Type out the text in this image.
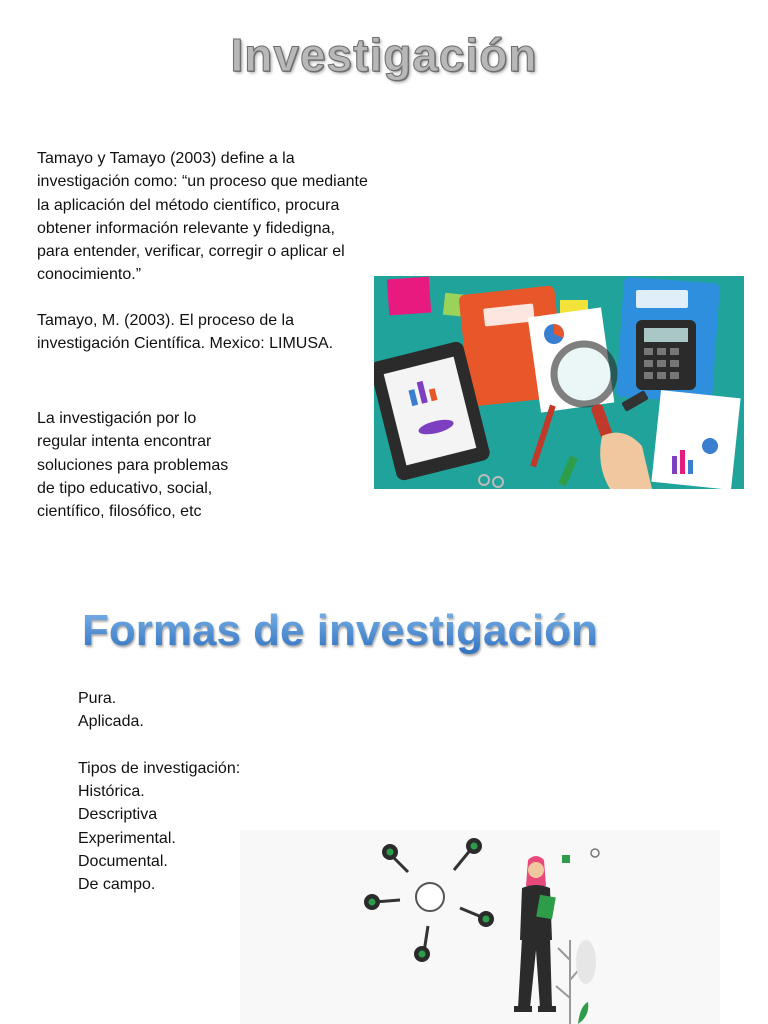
Investigación

Tamayo y Tamayo (2003) define a la
investigación como: “un proceso que mediante
la aplicación del método científico, procura
obtener información relevante y fidedigna,
para entender, verificar, corregir o aplicar el
conocimiento.”

Tamayo, M. (2003). El proceso de la
investigación Científica. Mexico: LIMUSA.

La investigación por lo
regular intenta encontrar
soluciones para problemas
de tipo educativo, social,
científico, filosófico, etc

Formas de investigación

Pura.
Aplicada.
Tipos de investigación:
Histórica.
Descriptiva
Experimental.
Documental.
De campo.
